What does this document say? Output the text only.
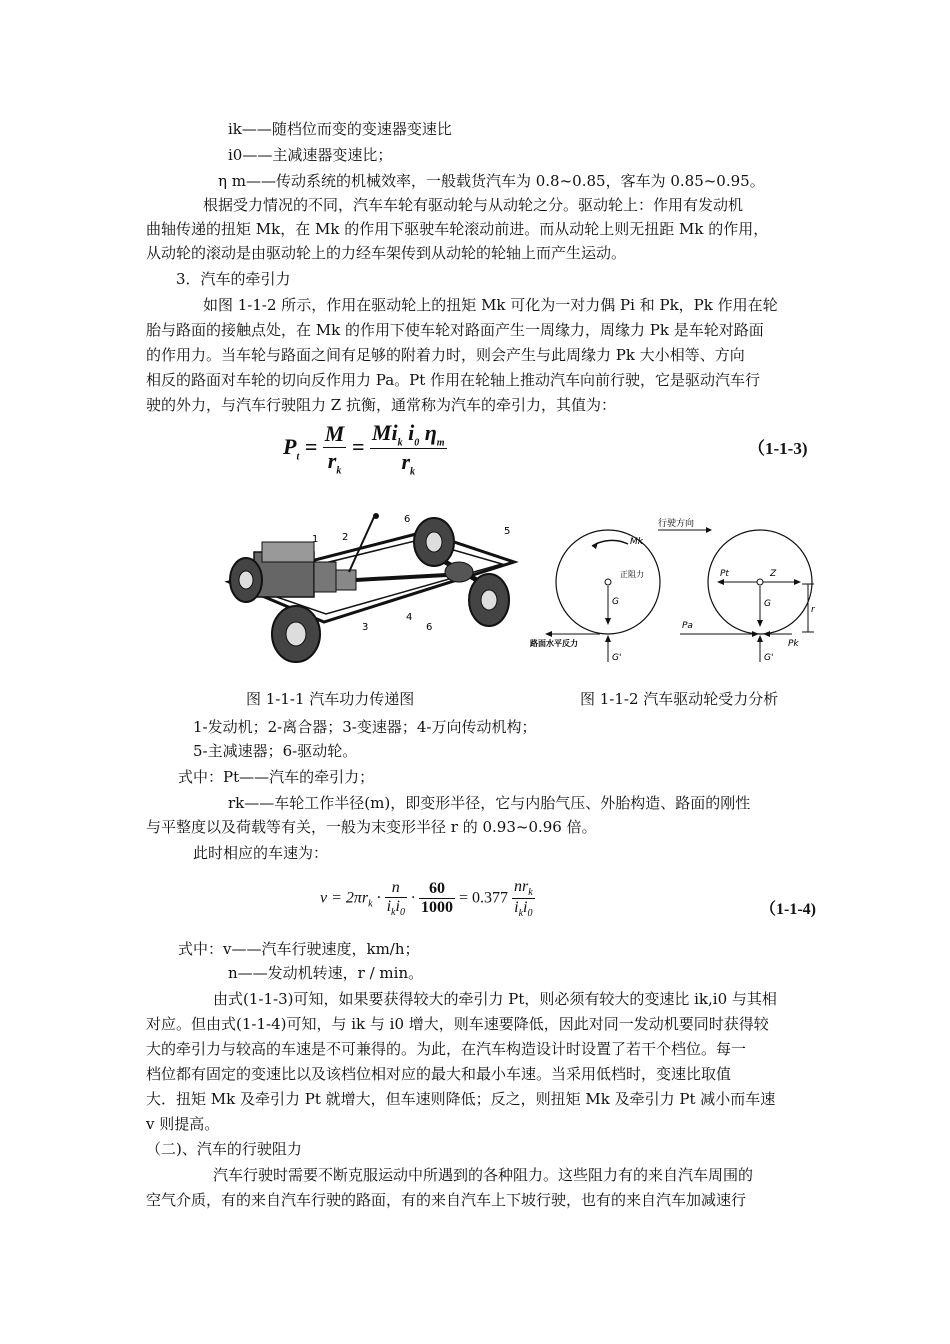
ik——随档位而变的变速器变速比
i0——主减速器变速比；
η m——传动系统的机械效率，一般载货汽车为 0.8~0.85，客车为 0.85~0.95。
根据受力情况的不同，汽车车轮有驱动轮与从动轮之分。驱动轮上：作用有发动机
曲轴传递的扭矩 Mk，在 Mk 的作用下驱驶车轮滚动前进。而从动轮上则无扭距 Mk 的作用，
从动轮的滚动是由驱动轮上的力经车架传到从动轮的轮轴上而产生运动。
3．汽车的牵引力
如图 1-1-2 所示，作用在驱动轮上的扭矩 Mk 可化为一对力偶 Pi 和 Pk，Pk 作用在轮
胎与路面的接触点处，在 Mk 的作用下使车轮对路面产生一周缘力，周缘力 Pk 是车轮对路面
的作用力。当车轮与路面之间有足够的附着力时，则会产生与此周缘力 Pk 大小相等、方向
相反的路面对车轮的切向反作用力 Pa。Pt 作用在轮轴上推动汽车向前行驶，它是驱动汽车行
驶的外力，与汽车行驶阻力 Z 抗衡，通常称为汽车的牵引力，其值为：
$P_t = \frac{M}{r_k} = \frac{Mi_k i_0 \eta_m}{r_k}$	（1-1-3)
1 2
3
4
5
6
6
行驶方向
Mk
正阻力
G
G'
路面水平反力
Pt	Z
G
G'
Pa
Pk
r
图 1-1-1 汽车功力传递图	图 1-1-2 汽车驱动轮受力分析
1-发动机；2-离合器；3-变速器；4-万向传动机构；
5-主减速器；6-驱动轮。
式中：Pt——汽车的牵引力；
rk——车轮工作半径(m)，即变形半径，它与内胎气压、外胎构造、路面的刚性
与平整度以及荷载等有关，一般为末变形半径 r 的 0.93~0.96 倍。
此时相应的车速为：
$v = 2\pi r_k \cdot \frac{n}{i_ki_0} \cdot \frac{60}{1000} = 0.377 \frac{nr_k}{i_ki_0}$	（1-1-4)
式中：v——汽车行驶速度，km/h；
n——发动机转速，r / min。
由式(1-1-3)可知，如果要获得较大的牵引力 Pt，则必须有较大的变速比 ik,i0 与其相
对应。但由式(1-1-4)可知，与 ik 与 i0 增大，则车速要降低，因此对同一发动机要同时获得较
大的牵引力与较高的车速是不可兼得的。为此，在汽车构造设计时设置了若干个档位。每一
档位都有固定的变速比以及该档位相对应的最大和最小车速。当采用低档时，变速比取值
大．扭矩 Mk 及牵引力 Pt 就增大，但车速则降低；反之，则扭矩 Mk 及牵引力 Pt 减小而车速
v 则提高。
（二)、汽车的行驶阻力
汽车行驶时需要不断克服运动中所遇到的各种阻力。这些阻力有的来自汽车周围的
空气介质，有的来自汽车行驶的路面，有的来自汽车上下坡行驶，也有的来自汽车加减速行
